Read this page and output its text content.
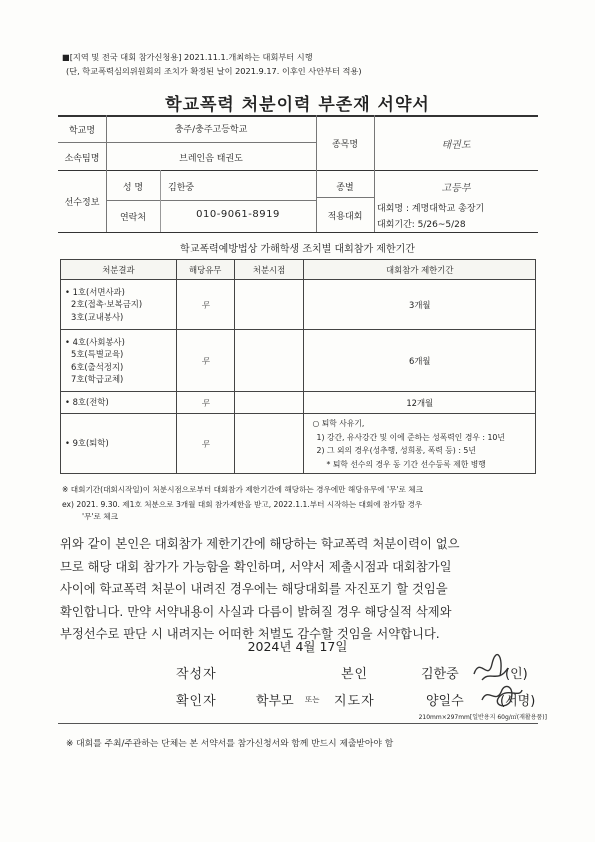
■[지역 및 전국 대회 참가신청용] 2021.11.1.개최하는 대회부터 시행
(단, 학교폭력심의위원회의 조치가 확정된 날이 2021.9.17. 이후인 사안부터 적용)
학교폭력 처분이력 부존재 서약서
학교명	충주/충주고등학교
소속팀명	브레인음 태권도
종목명	태권도
선수정보
성 명	김한중
연락처	010-9061-8919
종별	고등부
적용대회
대회명 : 계명대학교 총장기
대회기간: 5/26~5/28
학교폭력예방법상 가해학생 조치별 대회참가 제한기간
처분결과	해당유무	처분시점	대회참가 제한기간

• 1호(서면사과)
2호(접촉·보복금지)
3호(교내봉사)	무		3개월

• 4호(사회봉사)
5호(특별교육)
6호(출석정지)
7호(학급교체)	무		6개월
• 8호(전학)	무		12개월
• 9호(퇴학)	무		○ 퇴학 사유기,
1) 강간, 유사강간 및 이에 준하는 성폭력인 경우 : 10년
2) 그 외의 경우(성추행, 성희롱, 폭력 등) : 5년
* 퇴학 선수의 경우 동 기간 선수등록 제한 병행
※ 대회기간(대회시작일)이 처분시점으로부터 대회참가 제한기간에 해당하는 경우에만 해당유무에 '무'로 체크
ex) 2021. 9.30. 제1호 처분으로 3개월 대회 참가제한을 받고, 2022.1.1.부터 시작하는 대회에 참가할 경우
'무'로 체크
위와 같이 본인은 대회참가 제한기간에 해당하는 학교폭력 처분이력이 없으
므로 해당 대회 참가가 가능함을 확인하며, 서약서 제출시점과 대회참가일
사이에 학교폭력 처분이 내려진 경우에는 해당대회를 자진포기 할 것임을
확인합니다. 만약 서약내용이 사실과 다름이 밝혀질 경우 해당실적 삭제와
부정선수로 판단 시 내려지는 어떠한 처벌도 감수할 것임을 서약합니다.
2024년 4월 17일
작성자	본인	김한중	(인)
확인자	학부모 또는 지도자	양일수	(서명)
210mm×297mm[일반용지 60g/㎡(재활용품)]
※ 대회를 주최/주관하는 단체는 본 서약서를 참가신청서와 함께 반드시 제출받아야 함
